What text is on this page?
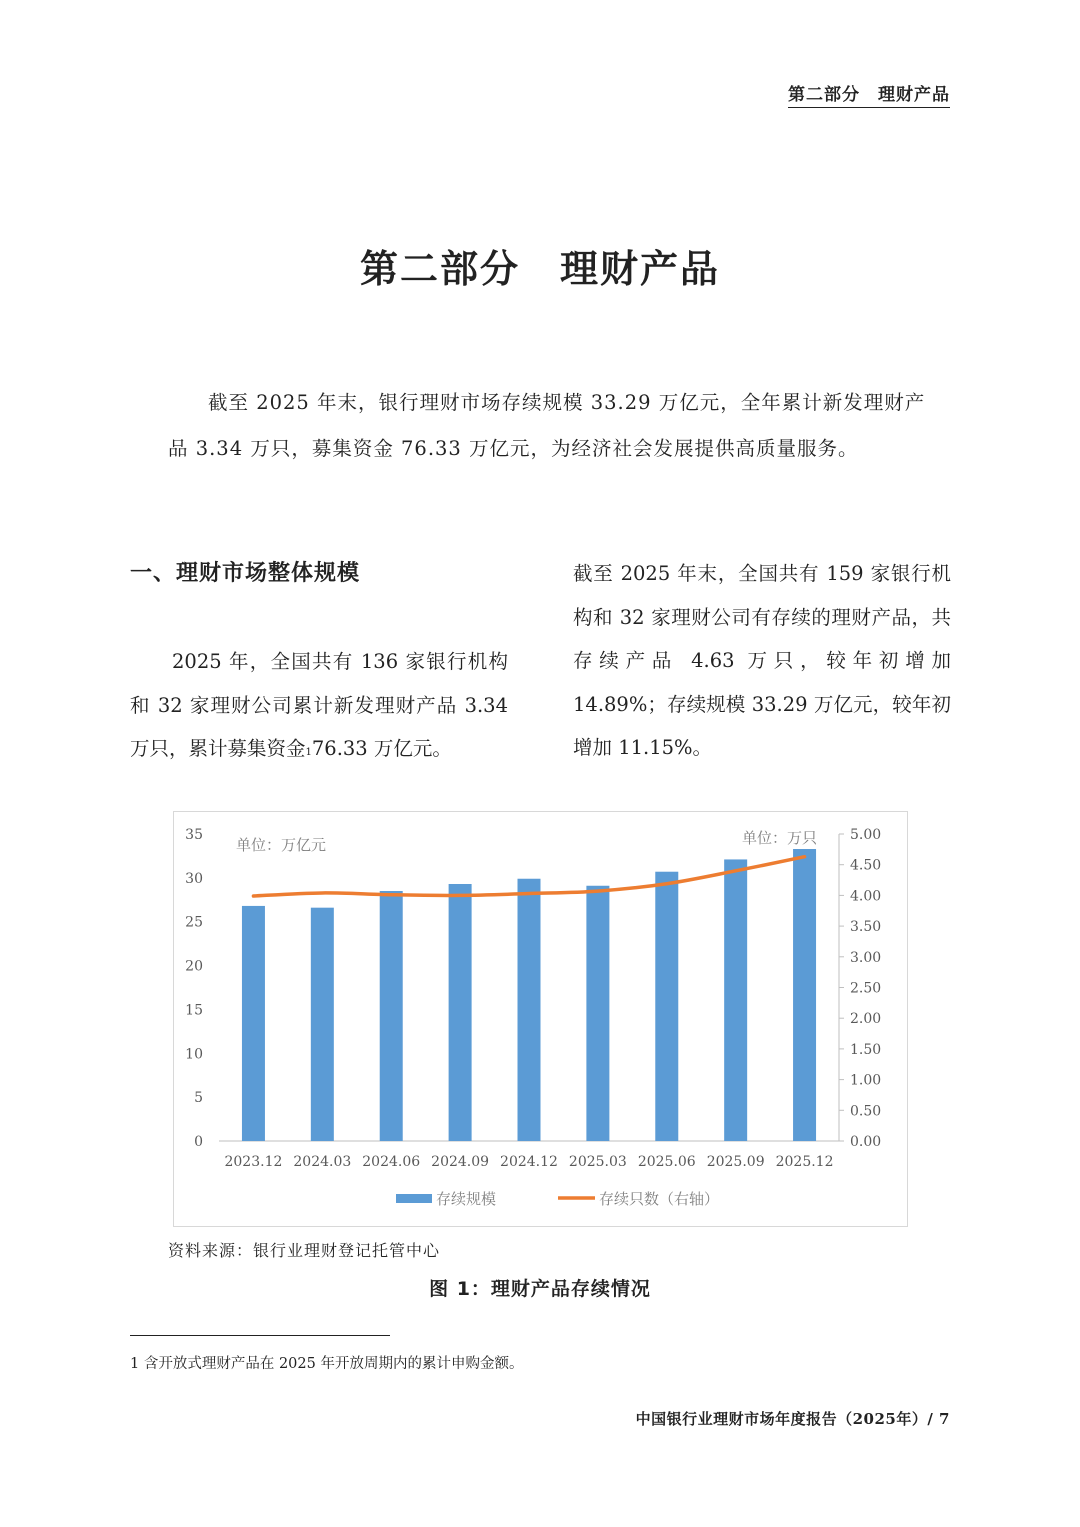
第二部分　理财产品
第二部分　理财产品
截至 2025 年末，银行理财市场存续规模 33.29 万亿元，全年累计新发理财产品 3.34 万只，募集资金 76.33 万亿元，为经济社会发展提供高质量服务。
一、理财市场整体规模
2025 年，全国共有 136 家银行机构和 32 家理财公司累计新发理财产品 3.34 万只，累计募集资金$^1$76.33 万亿元。
截至 2025 年末，全国共有 159 家银行机构和 32 家理财公司有存续的理财产品，共存续产品 4.63 万只，较年初增加 14.89%；存续规模 33.29 万亿元，较年初增加 11.15%。
0
5
10
15
20
25
30
35
0.00
0.50
1.00
1.50
2.00
2.50
3.00
3.50
4.00
4.50
5.00
2023.12 2024.03 2024.06 2024.09 2024.12 2025.03 2025.06 2025.09 2025.12
单位：万亿元	单位：万只
存续规模	存续只数（右轴）
资料来源：银行业理财登记托管中心
图 1：理财产品存续情况
1 含开放式理财产品在 2025 年开放周期内的累计申购金额。
中国银行业理财市场年度报告（2025年）/ 7
